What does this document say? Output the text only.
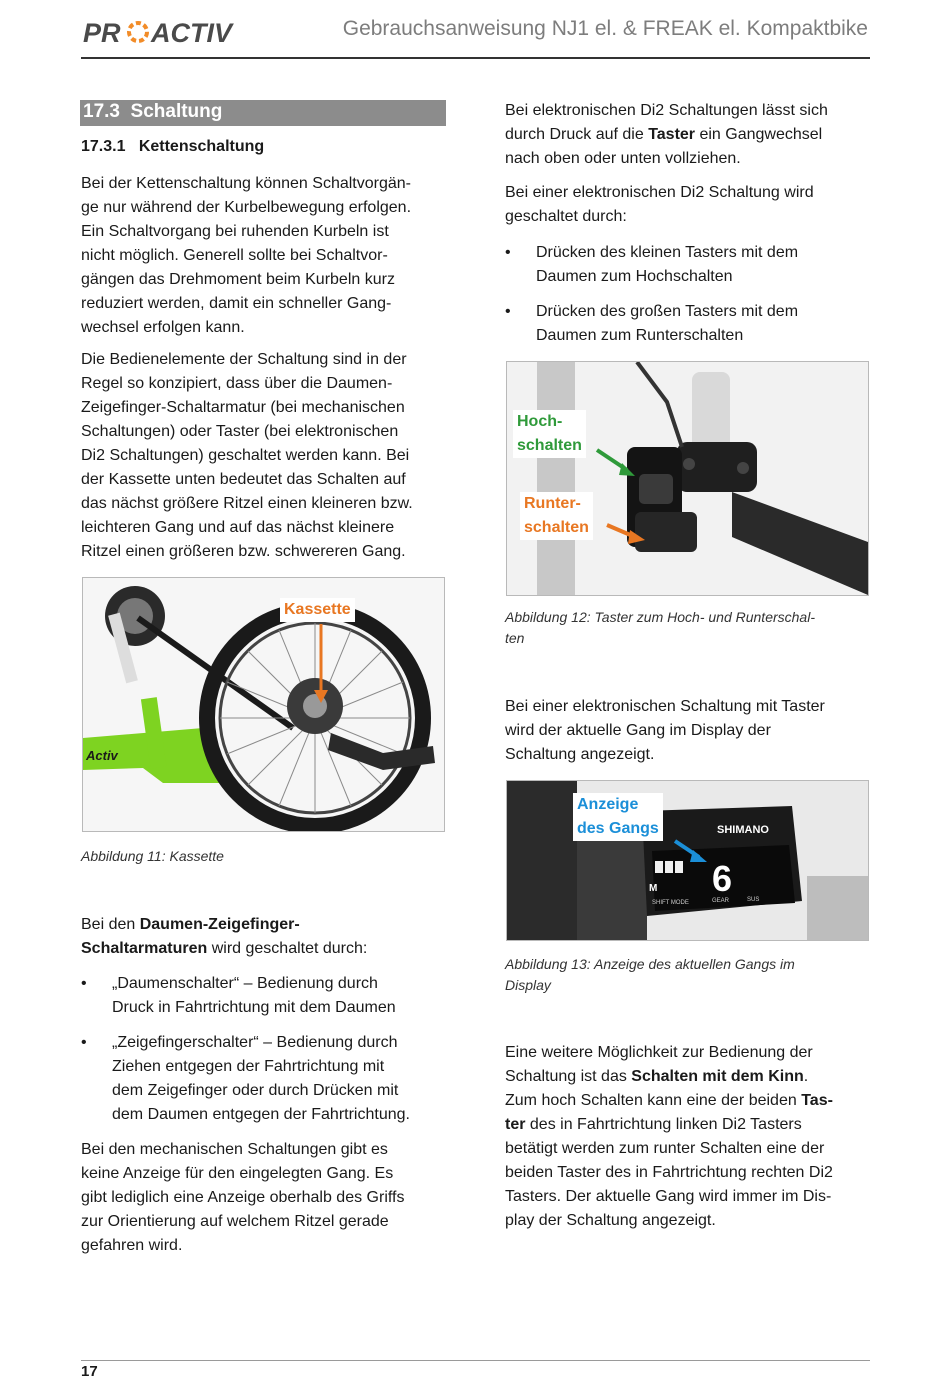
PR ACTIV	Gebrauchsanweisung NJ1 el. & FREAK el. Kompaktbike
17.3  Schaltung
17.3.1   Kettenschaltung
Bei der Kettenschaltung können Schaltvorgän-
ge nur während der Kurbelbewegung erfolgen.
Ein Schaltvorgang bei ruhenden Kurbeln ist
nicht möglich. Generell sollte bei Schaltvor-
gängen das Drehmoment beim Kurbeln kurz
reduziert werden, damit ein schneller Gang-
wechsel erfolgen kann.
Die Bedienelemente der Schaltung sind in der
Regel so konzipiert, dass über die Daumen-
Zeigefinger-Schaltarmatur (bei mechanischen
Schaltungen) oder Taster (bei elektronischen
Di2 Schaltungen) geschaltet werden kann. Bei
der Kassette unten bedeutet das Schalten auf
das nächst größere Ritzel einen kleineren bzw.
leichteren Gang und auf das nächst kleinere
Ritzel einen größeren bzw. schwereren Gang.
Activ
Kassette
Abbildung 11: Kassette
Bei den Daumen-Zeigefinger-
Schaltarmaturen wird geschaltet durch:
• „Daumenschalter“ – Bedienung durch
Druck in Fahrtrichtung mit dem Daumen
• „Zeigefingerschalter“ – Bedienung durch
Ziehen entgegen der Fahrtrichtung mit
dem Zeigefinger oder durch Drücken mit
dem Daumen entgegen der Fahrtrichtung.
Bei den mechanischen Schaltungen gibt es
keine Anzeige für den eingelegten Gang. Es
gibt lediglich eine Anzeige oberhalb des Griffs
zur Orientierung auf welchem Ritzel gerade
gefahren wird.
Bei elektronischen Di2 Schaltungen lässt sich
durch Druck auf die Taster ein Gangwechsel
nach oben oder unten vollziehen.
Bei einer elektronischen Di2 Schaltung wird
geschaltet durch:
• Drücken des kleinen Tasters mit dem
Daumen zum Hochschalten
• Drücken des großen Tasters mit dem
Daumen zum Runterschalten
Hoch-
schalten
Runter-
schalten
Abbildung 12: Taster zum Hoch- und Runterschal-
ten
Bei einer elektronischen Schaltung mit Taster
wird der aktuelle Gang im Display der
Schaltung angezeigt.
SHIMANO
M 6
SHIFT MODE	GEAR	SUS
Anzeige
des Gangs
Abbildung 13: Anzeige des aktuellen Gangs im
Display
Eine weitere Möglichkeit zur Bedienung der
Schaltung ist das Schalten mit dem Kinn.
Zum hoch Schalten kann eine der beiden Tas-
ter des in Fahrtrichtung linken Di2 Tasters
betätigt werden zum runter Schalten eine der
beiden Taster des in Fahrtrichtung rechten Di2
Tasters. Der aktuelle Gang wird immer im Dis-
play der Schaltung angezeigt.
17
